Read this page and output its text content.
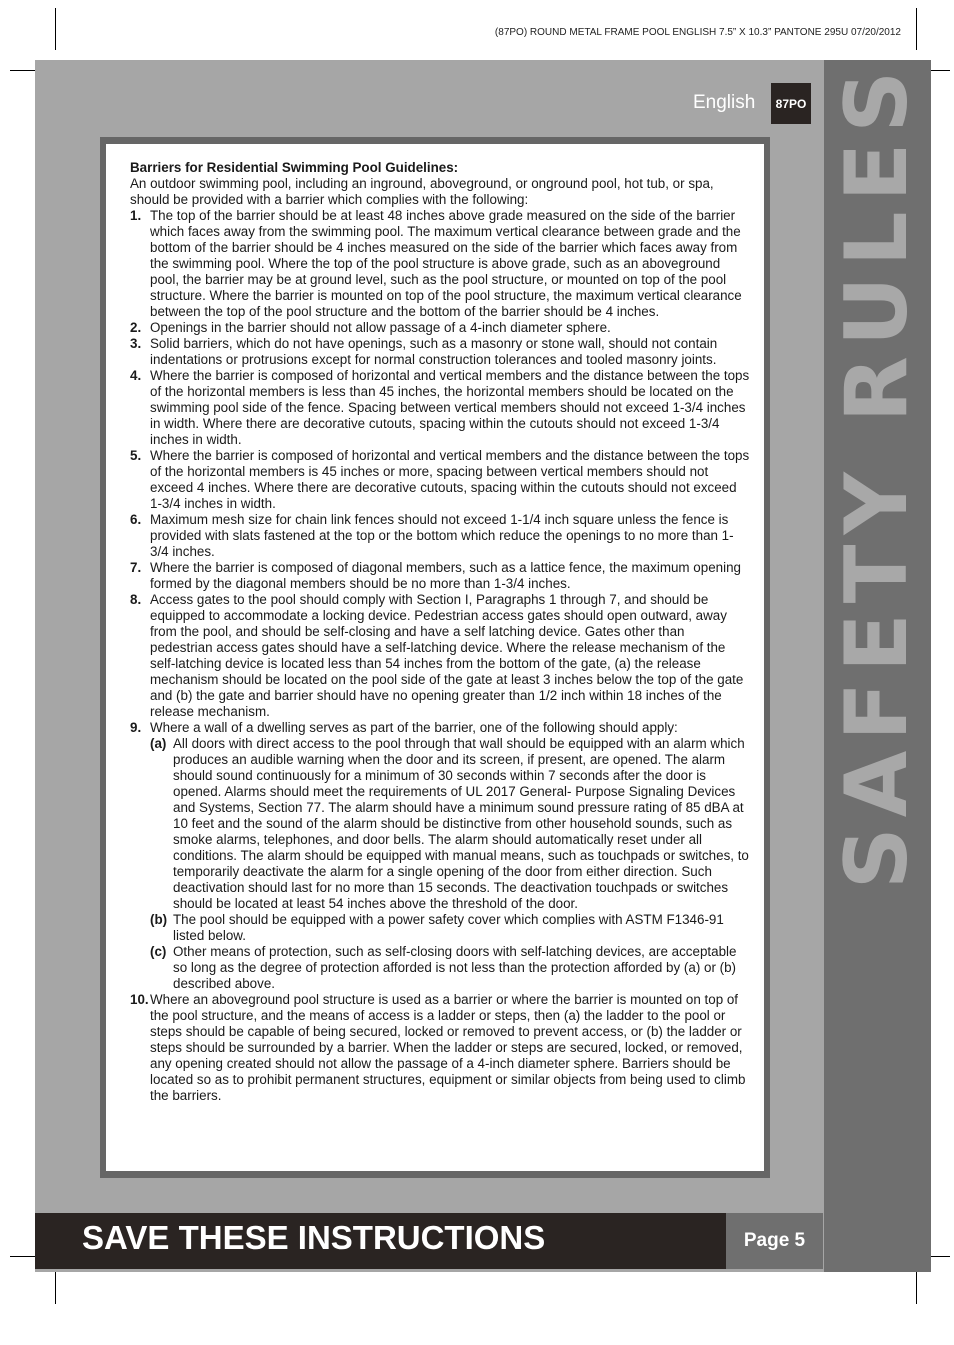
(87PO) ROUND METAL FRAME POOL ENGLISH 7.5” X 10.3” PANTONE 295U 07/20/2012
SAFETY RULES
English	87PO
Barriers for Residential Swimming Pool Guidelines:

An outdoor swimming pool, including an inground, aboveground, or onground pool, hot tub, or spa, should be provided with a barrier which complies with the following:

1. The top of the barrier should be at least 48 inches above grade measured on the side of the barrier which faces away from the swimming pool. The maximum vertical clearance between grade and the bottom of the barrier should be 4 inches measured on the side of the barrier which faces away from the swimming pool. Where the top of the pool structure is above grade, such as an aboveground pool, the barrier may be at ground level, such as the pool structure, or mounted on top of the pool structure. Where the barrier is mounted on top of the pool structure, the maximum vertical clearance between the top of the pool structure and the bottom of the barrier should be 4 inches.
2. Openings in the barrier should not allow passage of a 4-inch diameter sphere.
3. Solid barriers, which do not have openings, such as a masonry or stone wall, should not contain indentations or protrusions except for normal construction tolerances and tooled masonry joints.
4. Where the barrier is composed of horizontal and vertical members and the distance between the tops of the horizontal members is less than 45 inches, the horizontal members should be located on the swimming pool side of the fence. Spacing between vertical members should not exceed 1-3/4 inches in width. Where there are decorative cutouts, spacing within the cutouts should not exceed 1-3/4 inches in width.
5. Where the barrier is composed of horizontal and vertical members and the distance between the tops of the horizontal members is 45 inches or more, spacing between vertical members should not exceed 4 inches. Where there are decorative cutouts, spacing within the cutouts should not exceed 1-3/4 inches in width.
6. Maximum mesh size for chain link fences should not exceed 1-1/4 inch square unless the fence is provided with slats fastened at the top or the bottom which reduce the openings to no more than 1-3/4 inches.
7. Where the barrier is composed of diagonal members, such as a lattice fence, the maximum opening formed by the diagonal members should be no more than 1-3/4 inches.
8. Access gates to the pool should comply with Section I, Paragraphs 1 through 7, and should be equipped to accommodate a locking device. Pedestrian access gates should open outward, away from the pool, and should be self-closing and have a self latching device. Gates other than pedestrian access gates should have a self-latching device. Where the release mechanism of the self-latching device is located less than 54 inches from the bottom of the gate, (a) the release mechanism should be located on the pool side of the gate at least 3 inches below the top of the gate and (b) the gate and barrier should have no opening greater than 1/2 inch within 18 inches of the release mechanism.
9. Where a wall of a dwelling serves as part of the barrier, one of the following should apply:
(a) All doors with direct access to the pool through that wall should be equipped with an alarm which produces an audible warning when the door and its screen, if present, are opened. The alarm should sound continuously for a minimum of 30 seconds within 7 seconds after the door is opened. Alarms should meet the requirements of UL 2017 General- Purpose Signaling Devices and Systems, Section 77. The alarm should have a minimum sound pressure rating of 85 dBA at 10 feet and the sound of the alarm should be distinctive from other household sounds, such as smoke alarms, telephones, and door bells. The alarm should automatically reset under all conditions. The alarm should be equipped with manual means, such as touchpads or switches, to temporarily deactivate the alarm for a single opening of the door from either direction. Such deactivation should last for no more than 15 seconds. The deactivation touchpads or switches should be located at least 54 inches above the threshold of the door.
(b) The pool should be equipped with a power safety cover which complies with ASTM F1346-91 listed below.
(c) Other means of protection, such as self-closing doors with self-latching devices, are acceptable so long as the degree of protection afforded is not less than the protection afforded by (a) or (b) described above.
10. Where an aboveground pool structure is used as a barrier or where the barrier is mounted on top of the pool structure, and the means of access is a ladder or steps, then (a) the ladder to the pool or steps should be capable of being secured, locked or removed to prevent access, or (b) the ladder or steps should be surrounded by a barrier. When the ladder or steps are secured, locked, or removed, any opening created should not allow the passage of a 4-inch diameter sphere. Barriers should be located so as to prohibit permanent structures, equipment or similar objects from being used to climb the barriers.
SAVE THESE INSTRUCTIONS	Page 5
